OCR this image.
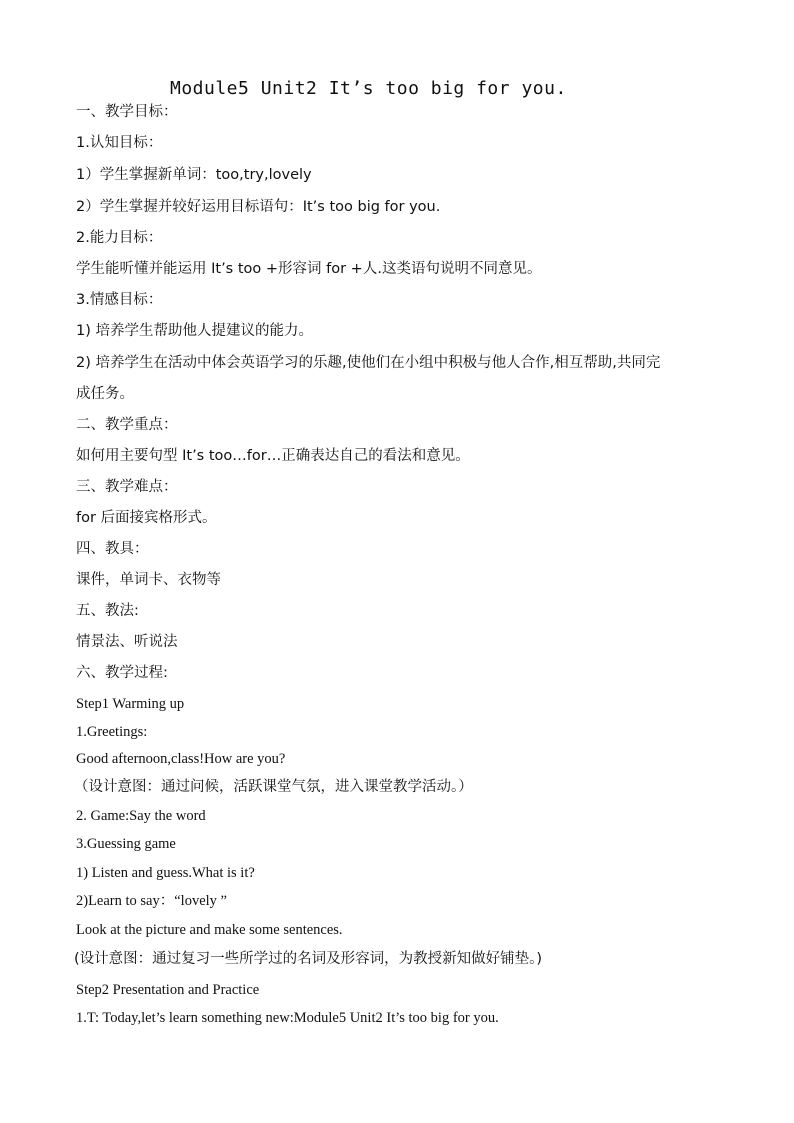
Module5 Unit2 It’s too big for you.
一、教学目标：
1.认知目标：
1）学生掌握新单词：too,try,lovely
2）学生掌握并较好运用目标语句：It’s too big for you.
2.能力目标：
学生能听懂并能运用 It’s too +形容词 for +人.这类语句说明不同意见。
3.情感目标：
1) 培养学生帮助他人提建议的能力。
2) 培养学生在活动中体会英语学习的乐趣,使他们在小组中积极与他人合作,相互帮助,共同完
成任务。
二、教学重点：
如何用主要句型 It’s too…for…正确表达自己的看法和意见。
三、教学难点：
for 后面接宾格形式。
四、教具：
课件，单词卡、衣物等
五、教法:
情景法、听说法
六、教学过程:
Step1 Warming up
1.Greetings:
Good afternoon,class!How are you?
（设计意图：通过问候，活跃课堂气氛，进入课堂教学活动。）
2. Game:Say the word
3.Guessing game
1) Listen and guess.What is it?
2)Learn to say：“lovely ”
Look at the picture and make some sentences.
(设计意图：通过复习一些所学过的名词及形容词，为教授新知做好铺垫。)
Step2 Presentation and Practice
1.T: Today,let’s learn something new:Module5 Unit2 It’s too big for you.
